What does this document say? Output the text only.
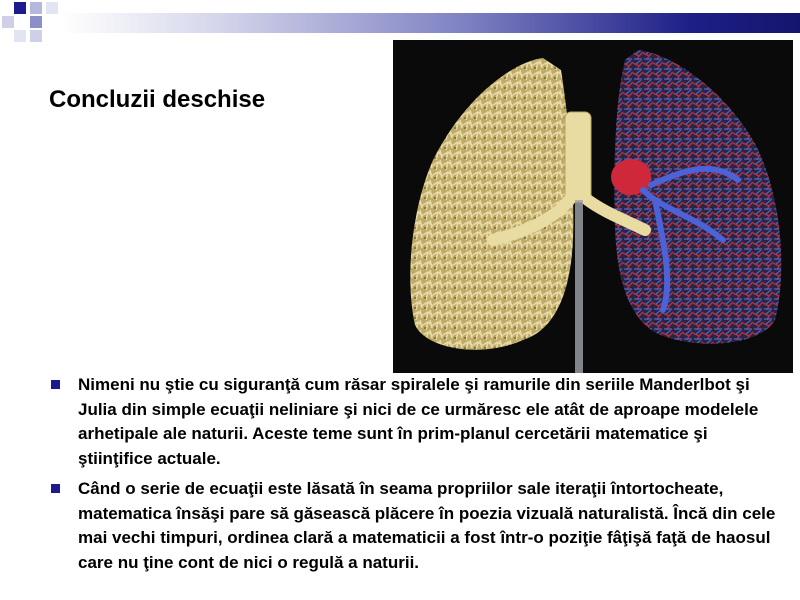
Concluzii deschise
Nimeni nu ştie cu siguranţă cum răsar spiralele şi ramurile din seriile Manderlbot şi Julia din simple ecuaţii neliniare şi nici de ce urmăresc ele atât de aproape modelele arhetipale ale naturii. Aceste teme sunt în prim-planul cercetării matematice şi ştiinţifice actuale.
Când o serie de ecuaţii este lăsată în seama propriilor sale iteraţii întortocheate, matematica însăşi pare să găsească plăcere în poezia vizuală naturalistă. Încă din cele mai vechi timpuri, ordinea clară a matematicii a fost într-o poziţie fâţişă faţă de haosul care nu ţine cont de nici o regulă a naturii.
